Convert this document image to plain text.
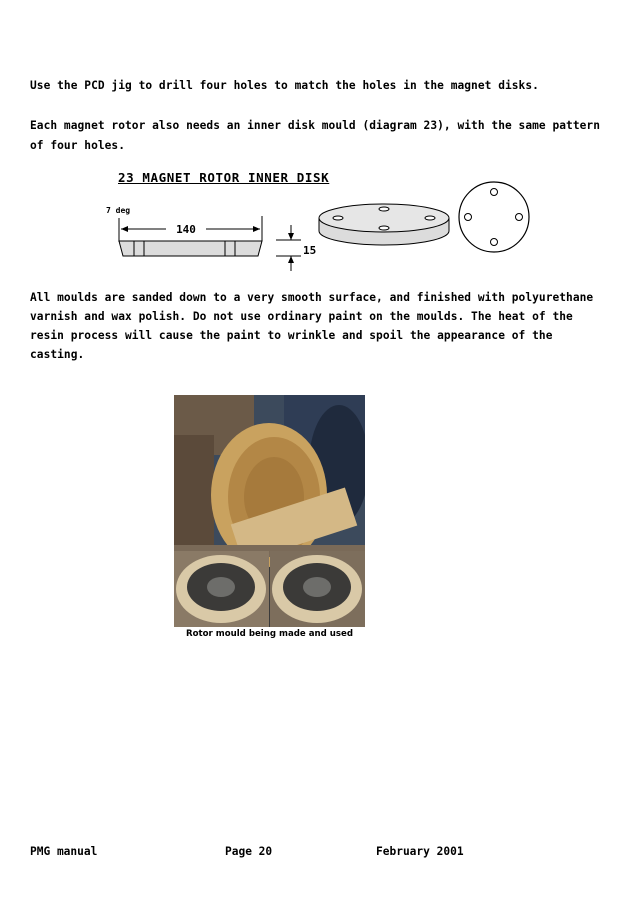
Use the PCD jig to drill four holes to match the holes in the magnet disks.

Each magnet rotor also needs an inner disk mould (diagram 23), with the same pattern of four holes.

23 MAGNET ROTOR INNER DISK

140
7 deg
15

All moulds are sanded down to a very smooth surface, and finished with polyurethane varnish and wax polish. Do not use ordinary paint on the moulds. The heat of the resin process will cause the paint to wrinkle and spoil the appearance of the casting.

Rotor mould being made and used

PMG manual	Page 20	February 2001
